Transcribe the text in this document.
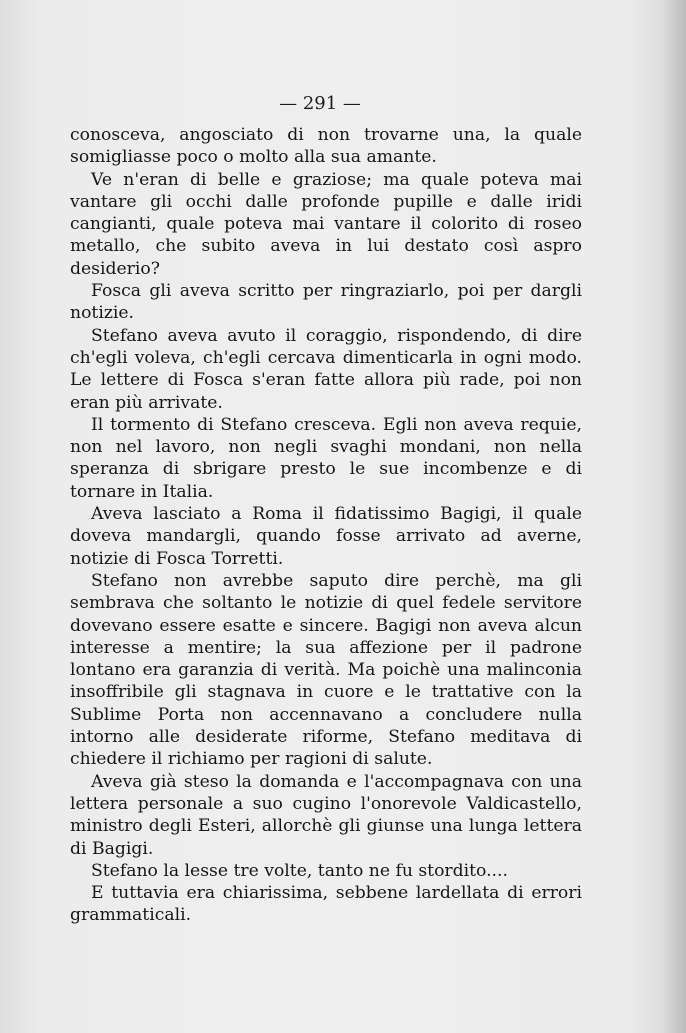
— 291 —

conosceva, angosciato di non trovarne una, la quale somigliasse poco o molto alla sua amante.

Ve n'eran di belle e graziose; ma quale poteva mai vantare gli occhi dalle profonde pupille e dalle iridi cangianti, quale poteva mai vantare il colorito di roseo metallo, che subito aveva in lui destato così aspro desiderio?

Fosca gli aveva scritto per ringraziarlo, poi per dargli notizie.

Stefano aveva avuto il coraggio, rispondendo, di dire ch'egli voleva, ch'egli cercava dimenticarla in ogni modo. Le lettere di Fosca s'eran fatte allora più rade, poi non eran più arrivate.

Il tormento di Stefano cresceva. Egli non aveva requie, non nel lavoro, non negli svaghi mondani, non nella speranza di sbrigare presto le sue incombenze e di tornare in Italia.

Aveva lasciato a Roma il fidatissimo Bagigi, il quale doveva mandargli, quando fosse arrivato ad averne, notizie di Fosca Torretti.

Stefano non avrebbe saputo dire perchè, ma gli sembrava che soltanto le notizie di quel fedele servitore dovevano essere esatte e sincere. Bagigi non aveva alcun interesse a mentire; la sua affezione per il padrone lontano era garanzia di verità. Ma poichè una malinconia insoffribile gli stagnava in cuore e le trattative con la Sublime Porta non accennavano a concludere nulla intorno alle desiderate riforme, Stefano meditava di chiedere il richiamo per ragioni di salute.

Aveva già steso la domanda e l'accompagnava con una lettera personale a suo cugino l'onorevole Valdicastello, ministro degli Esteri, allorchè gli giunse una lunga lettera di Bagigi.

Stefano la lesse tre volte, tanto ne fu stordito....

E tuttavia era chiarissima, sebbene lardellata di errori grammaticali.
